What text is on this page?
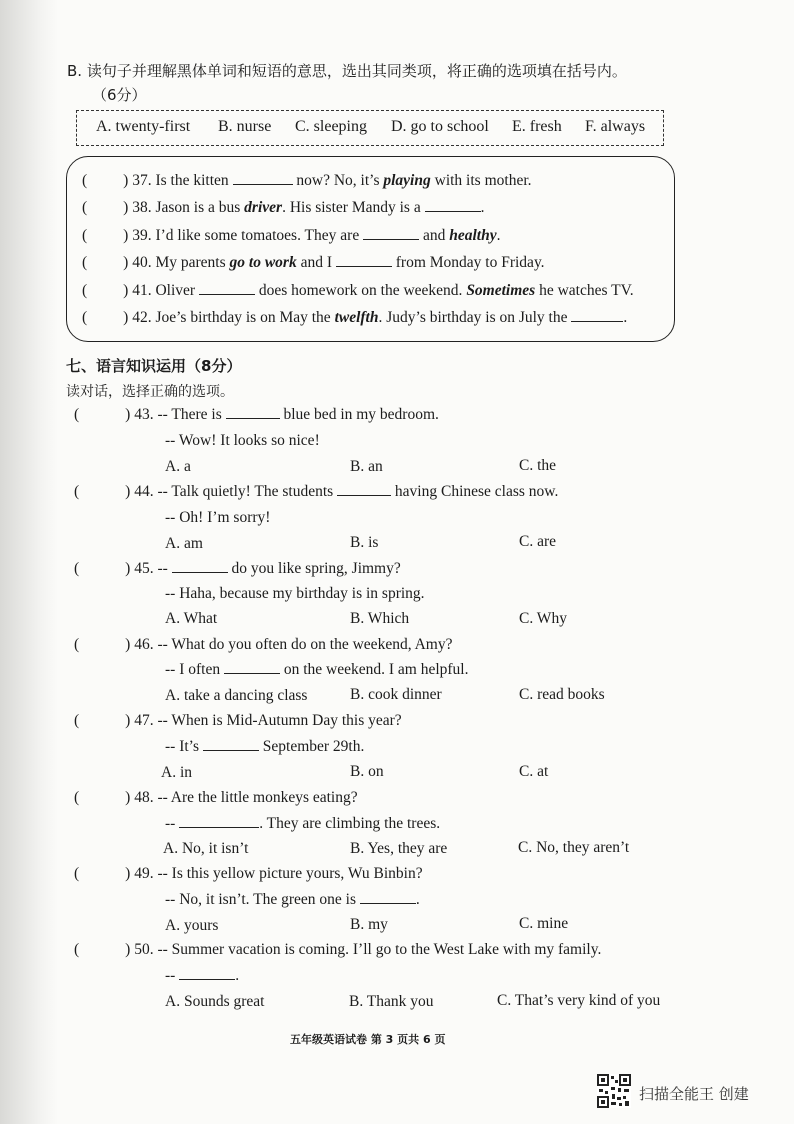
B. 读句子并理解黑体单词和短语的意思，选出其同类项，将正确的选项填在括号内。
（6分）
A. twenty-first B. nurse C. sleeping D. go to school E. fresh F. always
( ) 37. Is the kitten	now? No, it’s playing with its mother.
( ) 38. Jason is a bus driver. His sister Mandy is a	.
( ) 39. I’d like some tomatoes. They are	and healthy.
( ) 40. My parents go to work and I	from Monday to Friday.
( ) 41. Oliver	does homework on the weekend. Sometimes he watches TV.
( ) 42. Joe’s birthday is on May the twelfth. Judy’s birthday is on July the	.
七、语言知识运用（8分）
读对话，选择正确的选项。
(	) 43. -- There is	blue bed in my bedroom.
-- Wow! It looks so nice!
A. a	B. an	C. the
(	) 44. -- Talk quietly! The students	having Chinese class now.
-- Oh! I’m sorry!
A. am	B. is	C. are
(	) 45. --	do you like spring, Jimmy?
-- Haha, because my birthday is in spring.
A. What	B. Which	C. Why
(	) 46. -- What do you often do on the weekend, Amy?
-- I often	on the weekend. I am helpful.
A. take a dancing class	B. cook dinner	C. read books
(	) 47. -- When is Mid-Autumn Day this year?
-- It’s	September 29th.
A. in	B. on	C. at
(	) 48. -- Are the little monkeys eating?
--	. They are climbing the trees.
A. No, it isn’t	B. Yes, they are	C. No, they aren’t
(	) 49. -- Is this yellow picture yours, Wu Binbin?
-- No, it isn’t. The green one is	.
A. yours	B. my	C. mine
(	) 50. -- Summer vacation is coming. I’ll go to the West Lake with my family.
--	.
A. Sounds great	B. Thank you	C. That’s very kind of you
五年级英语试卷 第 3 页共 6 页
扫描全能王 创建
